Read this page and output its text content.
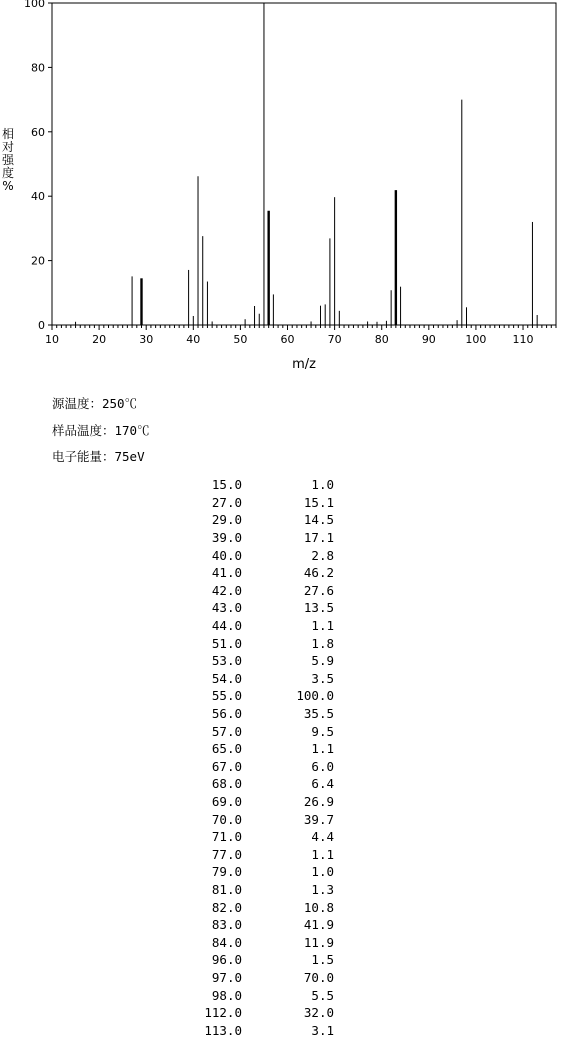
0
20
40
60
80
100
10	20	30	40	50	60	70	80	90	100 110
m/z
相
对
强
度
%
源温度：250℃
样品温度：170℃
电子能量：75eV
15.0	1.0
27.0	15.1
29.0	14.5
39.0	17.1
40.0	2.8
41.0	46.2
42.0	27.6
43.0	13.5
44.0	1.1
51.0	1.8
53.0	5.9
54.0	3.5
55.0	100.0
56.0	35.5
57.0	9.5
65.0	1.1
67.0	6.0
68.0	6.4
69.0	26.9
70.0	39.7
71.0	4.4
77.0	1.1
79.0	1.0
81.0	1.3
82.0	10.8
83.0	41.9
84.0	11.9
96.0	1.5
97.0	70.0
98.0	5.5
112.0	32.0
113.0	3.1
